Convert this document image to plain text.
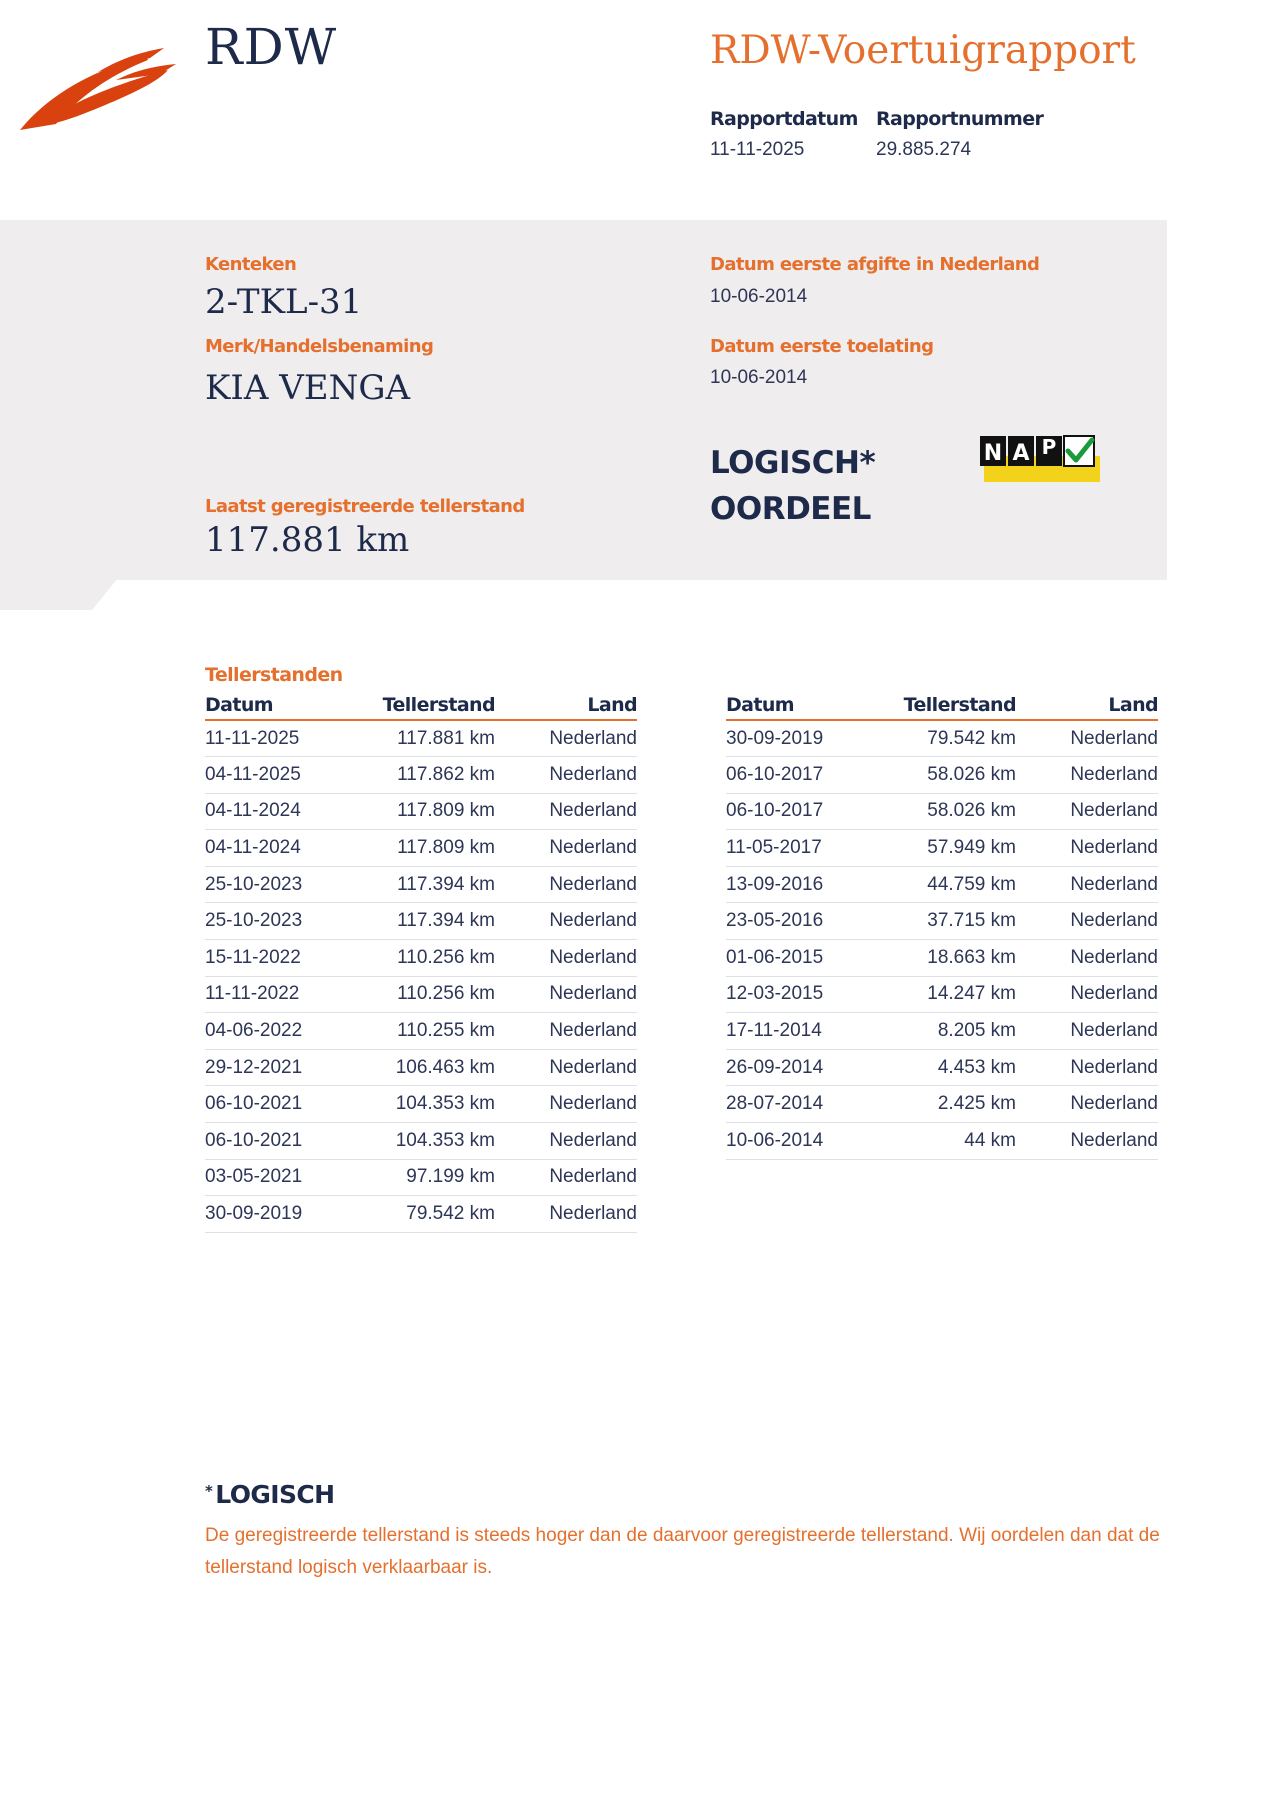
RDW	RDW-Voertuigrapport
Rapportdatum
11-11-2025
Rapportnummer
29.885.274
Kenteken
2-TKL-31
Merk/Handelsbenaming
KIA VENGA
Laatst geregistreerde tellerstand
117.881 km
Datum eerste afgifte in Nederland
10-06-2014
Datum eerste toelating
10-06-2014
LOGISCH*
OORDEEL
N A P
Tellerstanden
Datum	Tellerstand	Land
11-11-2025	117.881 km	Nederland
04-11-2025	117.862 km	Nederland
04-11-2024	117.809 km	Nederland
04-11-2024	117.809 km	Nederland
25-10-2023	117.394 km	Nederland
25-10-2023	117.394 km	Nederland
15-11-2022	110.256 km	Nederland
11-11-2022	110.256 km	Nederland
04-06-2022	110.255 km	Nederland
29-12-2021	106.463 km	Nederland
06-10-2021	104.353 km	Nederland
06-10-2021	104.353 km	Nederland
03-05-2021	97.199 km	Nederland
30-09-2019	79.542 km	Nederland
Datum	Tellerstand	Land
30-09-2019	79.542 km	Nederland
06-10-2017	58.026 km	Nederland
06-10-2017	58.026 km	Nederland
11-05-2017	57.949 km	Nederland
13-09-2016	44.759 km	Nederland
23-05-2016	37.715 km	Nederland
01-06-2015	18.663 km	Nederland
12-03-2015	14.247 km	Nederland
17-11-2014	8.205 km	Nederland
26-09-2014	4.453 km	Nederland
28-07-2014	2.425 km	Nederland
10-06-2014	44 km	Nederland
* LOGISCH
De geregistreerde tellerstand is steeds hoger dan de daarvoor geregistreerde tellerstand. Wij oordelen dan dat de tellerstand logisch verklaarbaar is.
